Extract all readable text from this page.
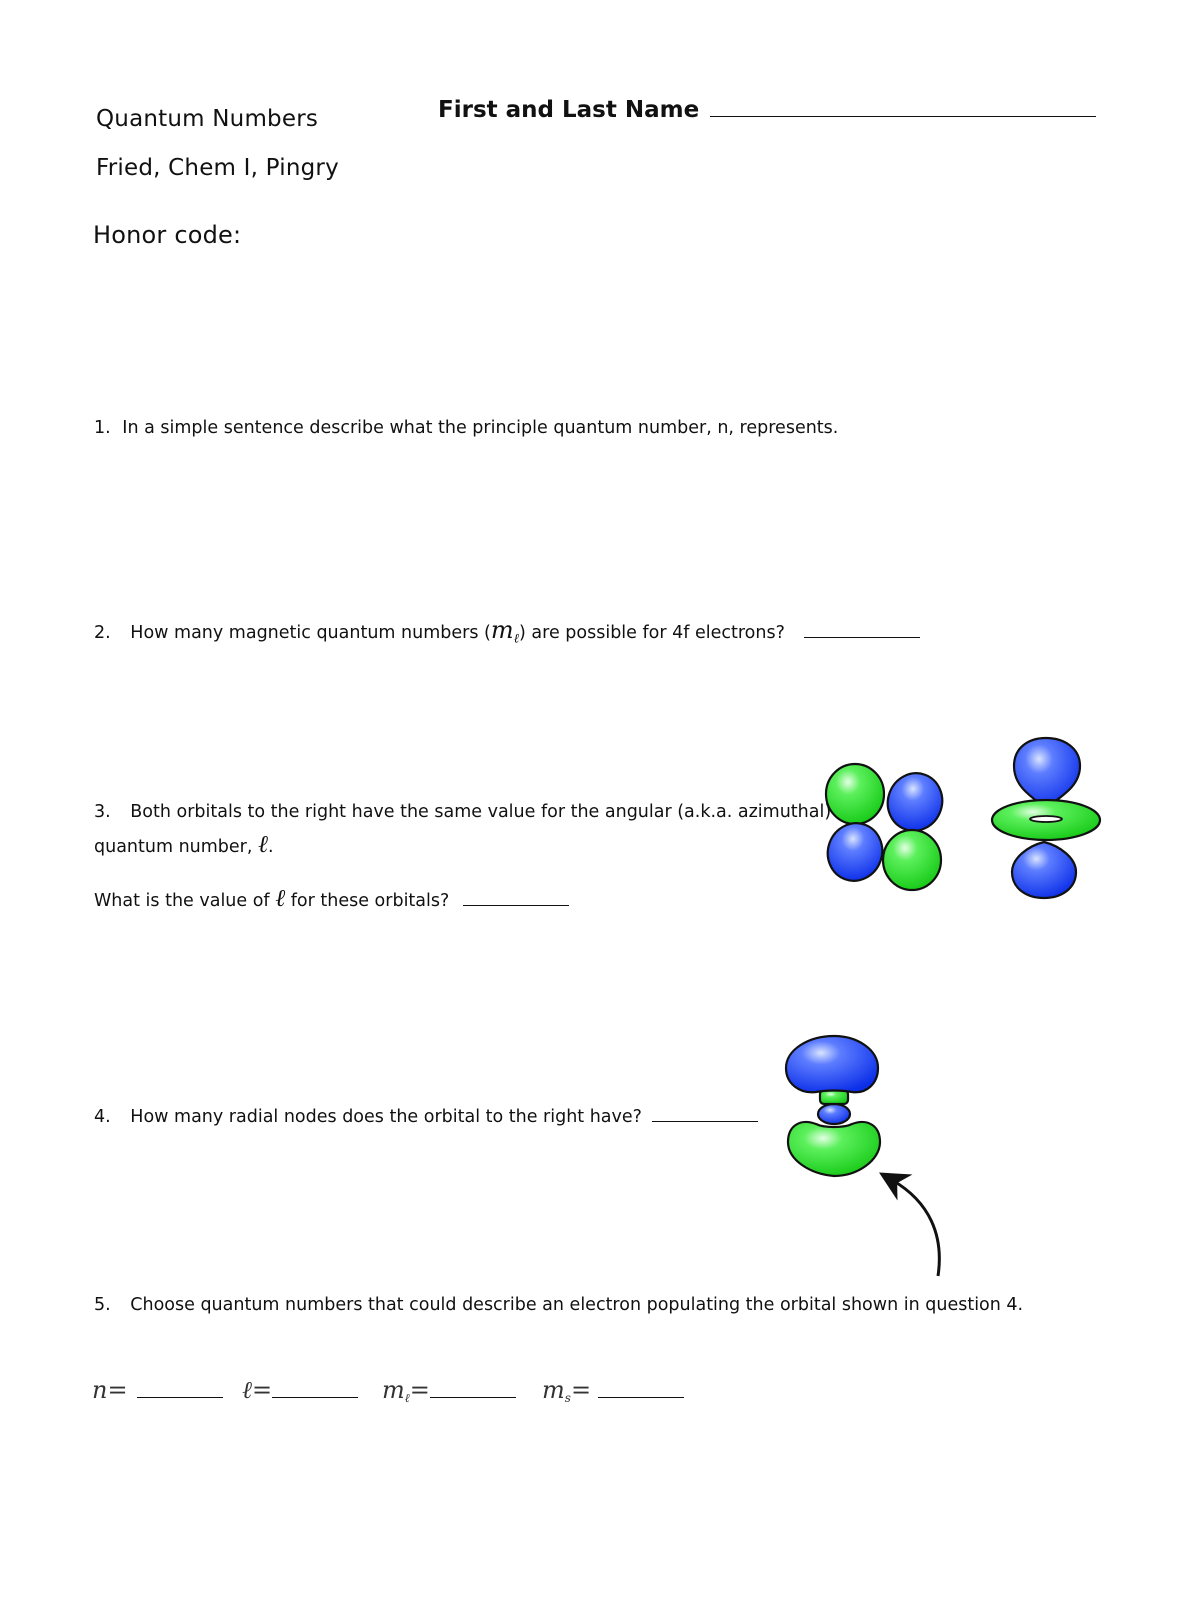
Quantum Numbers
Fried, Chem I, Pingry
Honor code:
First and Last Name
1. In a simple sentence describe what the principle quantum number, n, represents.
2. How many magnetic quantum numbers $(m_\ell)$ are possible for 4f electrons?
3. Both orbitals to the right have the same value for the angular (a.k.a. azimuthal)
quantum number, ℓ.
What is the value of ℓ for these orbitals?
4. How many radial nodes does the orbital to the right have?
5. Choose quantum numbers that could describe an electron populating the orbital shown in question 4.
n=	ℓ=	$m_\ell=$	$m_s=$
